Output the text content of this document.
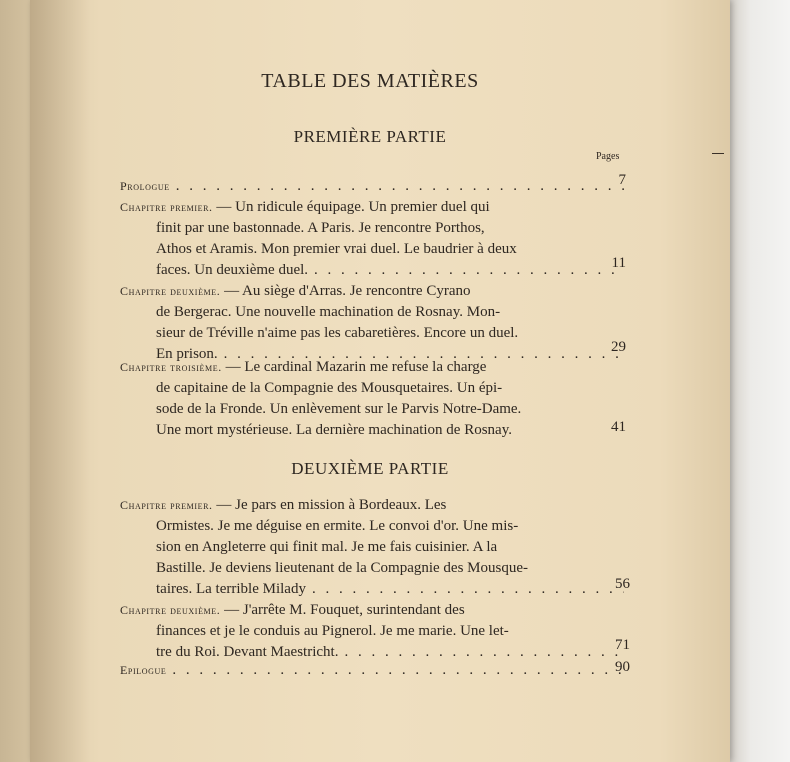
TABLE DES MATIÈRES
PREMIÈRE PARTIE
Pages
Prologue . . .	7
Chapitre premier. — Un ridicule équipage. Un premier duel qui
finit par une bastonnade. A Paris. Je rencontre Porthos,
Athos et Aramis. Mon premier vrai duel. Le baudrier à deux
faces. Un deuxième duel. . . .	11
Chapitre deuxième. — Au siège d'Arras. Je rencontre Cyrano
de Bergerac. Une nouvelle machination de Rosnay. Mon-
sieur de Tréville n'aime pas les cabaretières. Encore un duel.
En prison. . . .	29
Chapitre troisième. — Le cardinal Mazarin me refuse la charge
de capitaine de la Compagnie des Mousquetaires. Un épi-
sode de la Fronde. Un enlèvement sur le Parvis Notre-Dame.
Une mort mystérieuse. La dernière machination de Rosnay.	41
DEUXIÈME PARTIE
Chapitre premier. — Je pars en mission à Bordeaux. Les
Ormistes. Je me déguise en ermite. Le convoi d'or. Une mis-
sion en Angleterre qui finit mal. Je me fais cuisinier. A la
Bastille. Je deviens lieutenant de la Compagnie des Mousque-
taires. La terrible Milady . . .	56
Chapitre deuxième. — J'arrête M. Fouquet, surintendant des
finances et je le conduis au Pignerol. Je me marie. Une let-
tre du Roi. Devant Maestricht. . . .	71
Epilogue . . .	90
